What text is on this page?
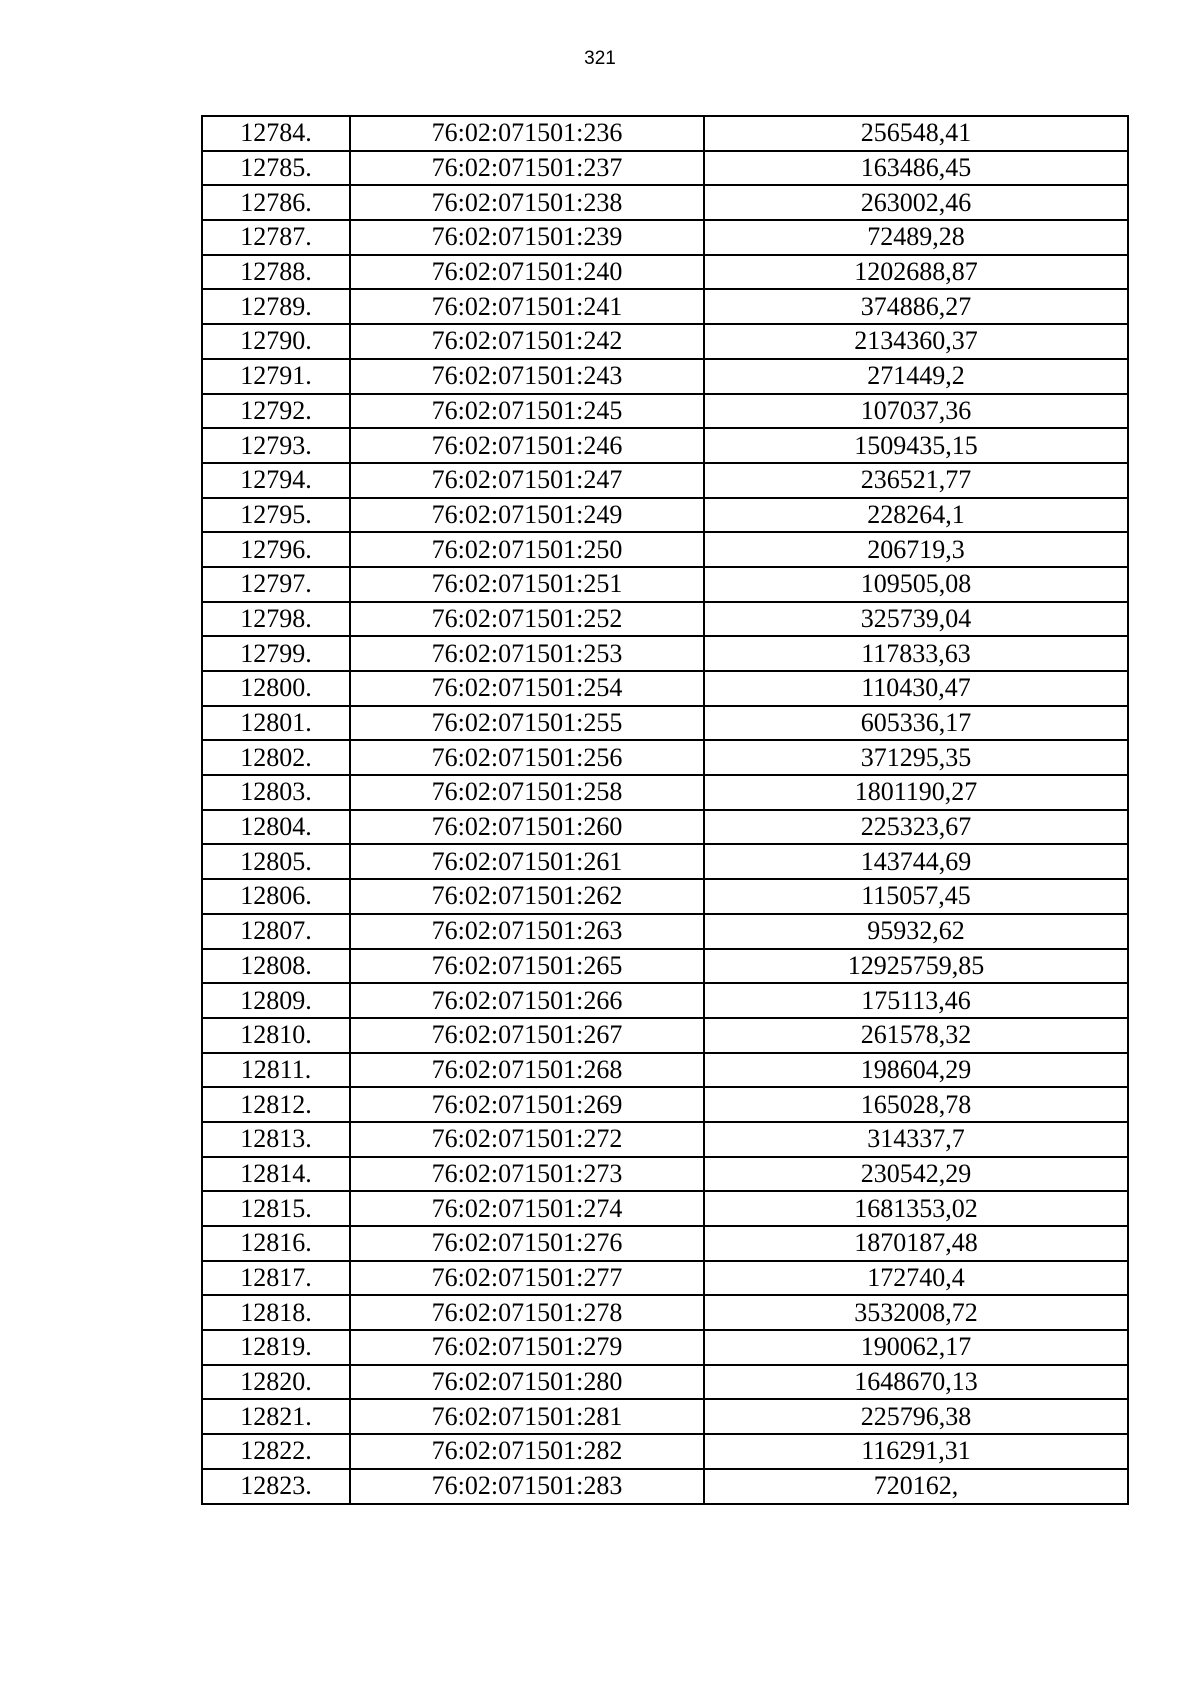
321
12784.	76:02:071501:236	256548,41
12785.	76:02:071501:237	163486,45
12786.	76:02:071501:238	263002,46
12787.	76:02:071501:239	72489,28
12788.	76:02:071501:240	1202688,87
12789.	76:02:071501:241	374886,27
12790.	76:02:071501:242	2134360,37
12791.	76:02:071501:243	271449,2
12792.	76:02:071501:245	107037,36
12793.	76:02:071501:246	1509435,15
12794.	76:02:071501:247	236521,77
12795.	76:02:071501:249	228264,1
12796.	76:02:071501:250	206719,3
12797.	76:02:071501:251	109505,08
12798.	76:02:071501:252	325739,04
12799.	76:02:071501:253	117833,63
12800.	76:02:071501:254	110430,47
12801.	76:02:071501:255	605336,17
12802.	76:02:071501:256	371295,35
12803.	76:02:071501:258	1801190,27
12804.	76:02:071501:260	225323,67
12805.	76:02:071501:261	143744,69
12806.	76:02:071501:262	115057,45
12807.	76:02:071501:263	95932,62
12808.	76:02:071501:265	12925759,85
12809.	76:02:071501:266	175113,46
12810.	76:02:071501:267	261578,32
12811.	76:02:071501:268	198604,29
12812.	76:02:071501:269	165028,78
12813.	76:02:071501:272	314337,7
12814.	76:02:071501:273	230542,29
12815.	76:02:071501:274	1681353,02
12816.	76:02:071501:276	1870187,48
12817.	76:02:071501:277	172740,4
12818.	76:02:071501:278	3532008,72
12819.	76:02:071501:279	190062,17
12820.	76:02:071501:280	1648670,13
12821.	76:02:071501:281	225796,38
12822.	76:02:071501:282	116291,31
12823.	76:02:071501:283	720162,
